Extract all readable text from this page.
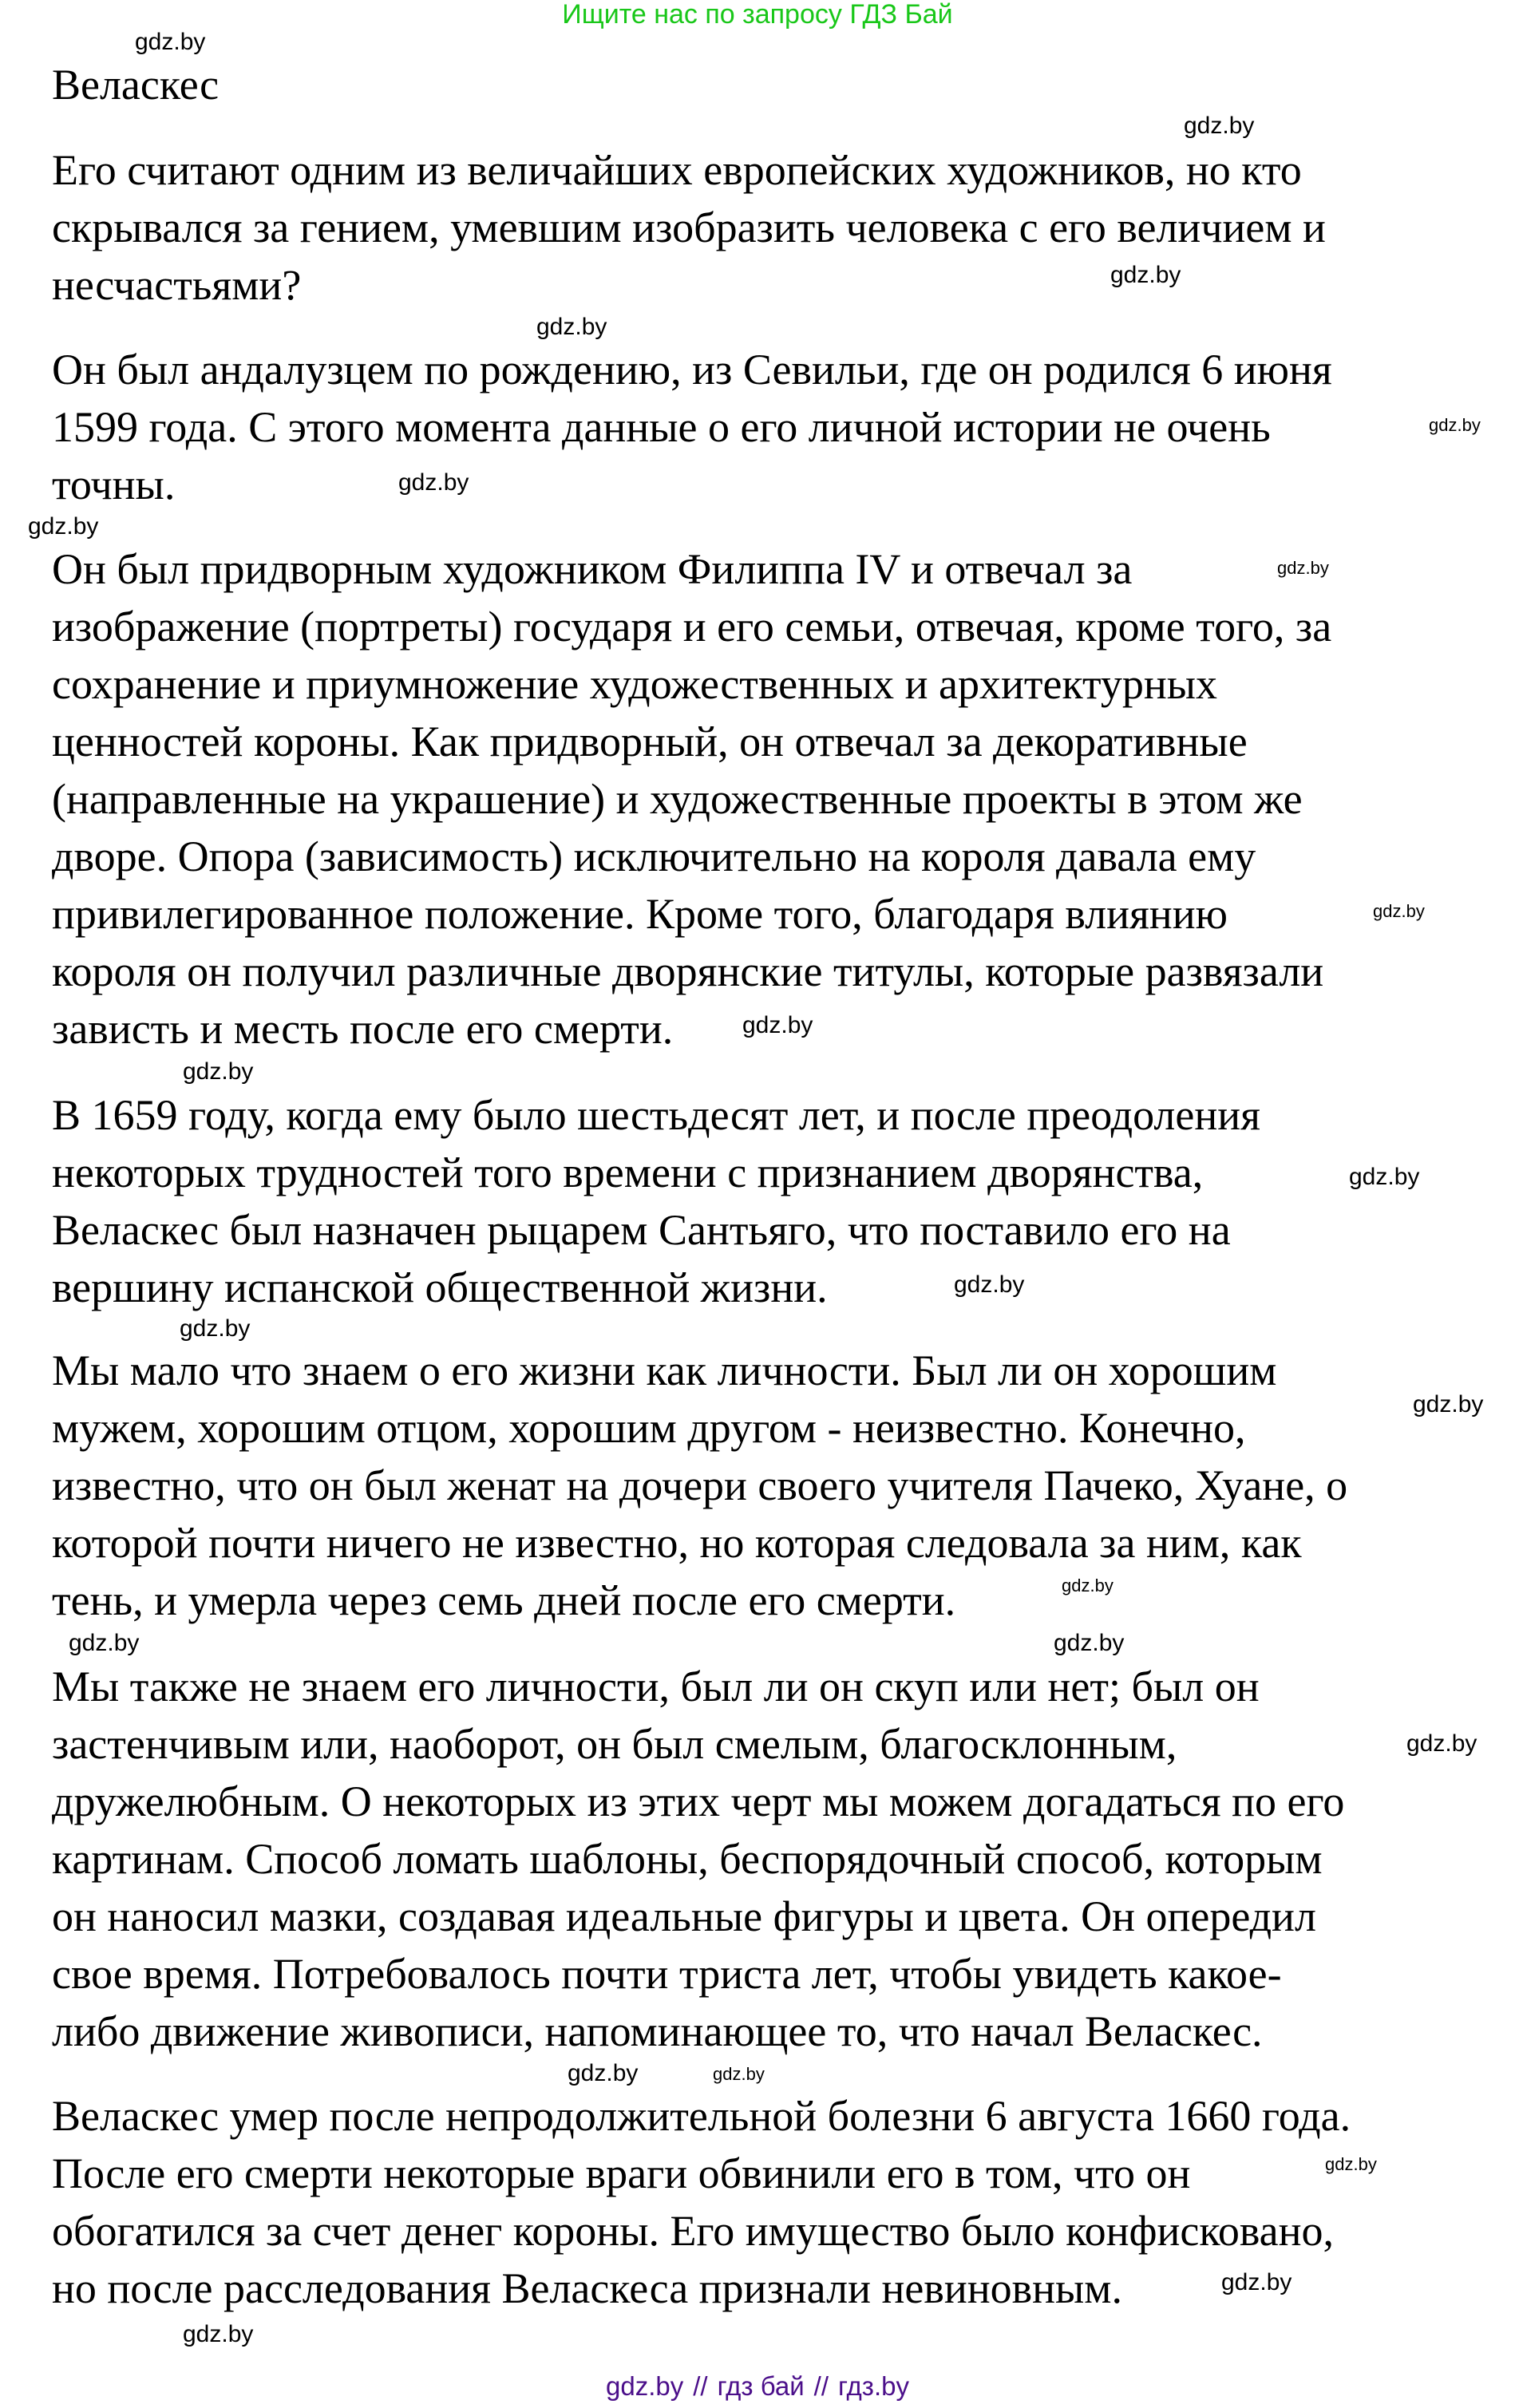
Ищите нас по запросу ГДЗ Бай
Веласкес
Его считают одним из величайших европейских художников, но кто
скрывался за гением, умевшим изобразить человека с его величием и
несчастьями?
Он был андалузцем по рождению, из Севильи, где он родился 6 июня
1599 года. С этого момента данные о его личной истории не очень
точны.
Он был придворным художником Филиппа IV и отвечал за
изображение (портреты) государя и его семьи, отвечая, кроме того, за
сохранение и приумножение художественных и архитектурных
ценностей короны. Как придворный, он отвечал за декоративные
(направленные на украшение) и художественные проекты в этом же
дворе. Опора (зависимость) исключительно на короля давала ему
привилегированное положение. Кроме того, благодаря влиянию
короля он получил различные дворянские титулы, которые развязали
зависть и месть после его смерти.
В 1659 году, когда ему было шестьдесят лет, и после преодоления
некоторых трудностей того времени с признанием дворянства,
Веласкес был назначен рыцарем Сантьяго, что поставило его на
вершину испанской общественной жизни.
Мы мало что знаем о его жизни как личности. Был ли он хорошим
мужем, хорошим отцом, хорошим другом - неизвестно. Конечно,
известно, что он был женат на дочери своего учителя Пачеко, Хуане, о
которой почти ничего не известно, но которая следовала за ним, как
тень, и умерла через семь дней после его смерти.
Мы также не знаем его личности, был ли он скуп или нет; был он
застенчивым или, наоборот, он был смелым, благосклонным,
дружелюбным. О некоторых из этих черт мы можем догадаться по его
картинам. Способ ломать шаблоны, беспорядочный способ, которым
он наносил мазки, создавая идеальные фигуры и цвета. Он опередил
свое время. Потребовалось почти триста лет, чтобы увидеть какое-
либо движение живописи, напоминающее то, что начал Веласкес.
Веласкес умер после непродолжительной болезни 6 августа 1660 года.
После его смерти некоторые враги обвинили его в том, что он
обогатился за счет денег короны. Его имущество было конфисковано,
но после расследования Веласкеса признали невиновным.
gdz.by
gdz.by
gdz.by
gdz.by
gdz.by
gdz.by
gdz.by
gdz.by
gdz.by
gdz.by
gdz.by
gdz.by
gdz.by
gdz.by
gdz.by
gdz.by
gdz.by
gdz.by
gdz.by
gdz.by
gdz.by
gdz.by
gdz.by
gdz.by
gdz.by // гдз бай // гдз.by
